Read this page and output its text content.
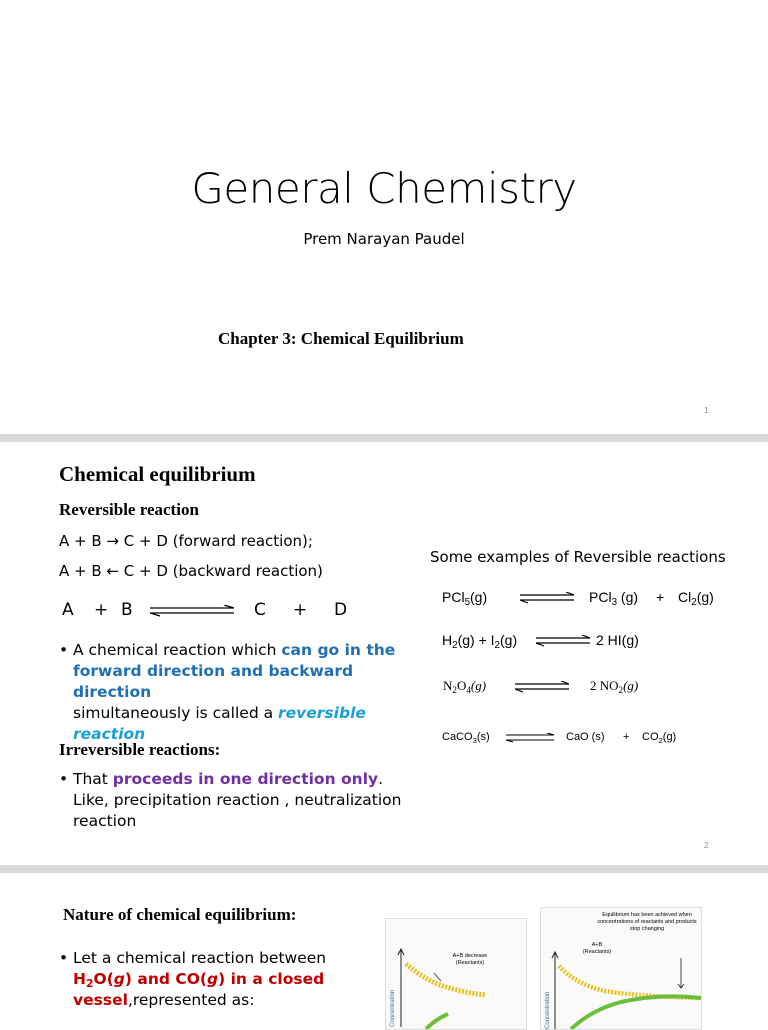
General Chemistry
Prem Narayan Paudel
Chapter 3: Chemical Equilibrium
1
Chemical equilibrium
Reversible reaction
A + B → C + D (forward reaction);
A + B ← C + D (backward reaction)
A + B	C + D
• A chemical reaction which can go in the forward direction and backward direction
simultaneously is called a reversible reaction
Irreversible reactions:
• That proceeds in one direction only. Like, precipitation reaction , neutralization reaction
Some examples of Reversible reactions
PCl$_5$(g) ⇌ PCl$_3$ $(g) + Cl_2(g)$
$H_2(g) + I_2(g)$ ⇌ 2 HI(g)
$N_2O_4(g)$	2 $NO_2(g)$
CaCO$_3$(s)	CaO $(s) + CO_2(g)$
2
Nature of chemical equilibrium:
• Let a chemical reaction between
$H_2O(g)$ and CO(g) in a closed vessel,represented as:	Concentration
A+B decrease (Reactants)
Concentration
Equilibrium has been achieved when concentrations of reactants and products stop changing
A+B (Reactants)
